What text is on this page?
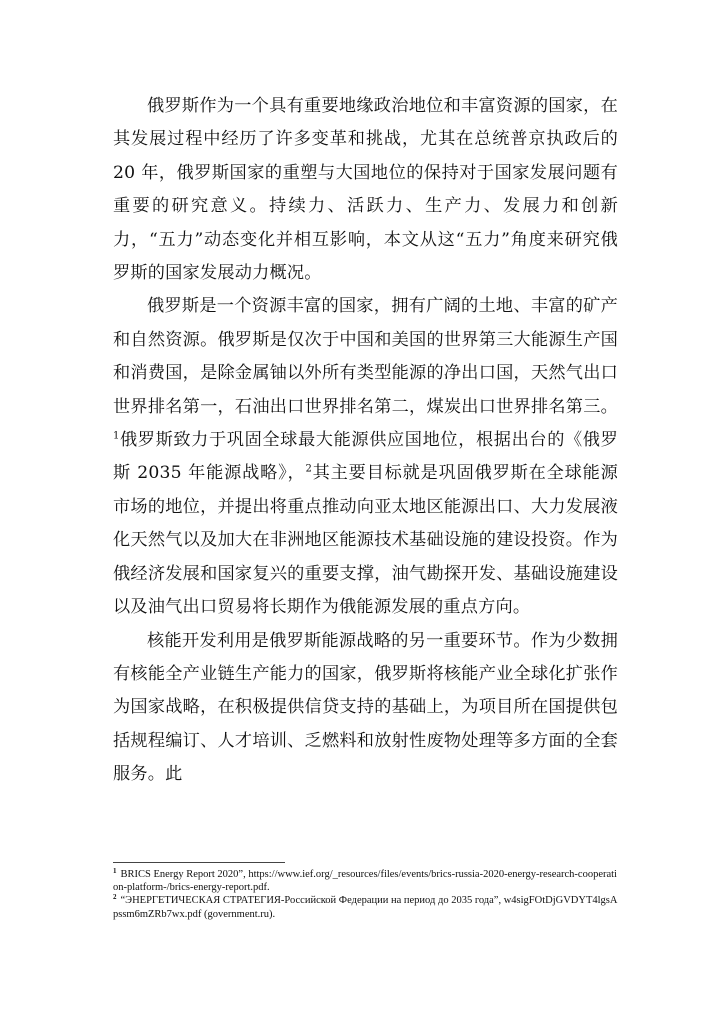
俄罗斯作为一个具有重要地缘政治地位和丰富资源的国家，在其发展过程中经历了许多变革和挑战，尤其在总统普京执政后的 20 年，俄罗斯国家的重塑与大国地位的保持对于国家发展问题有重要的研究意义。持续力、活跃力、生产力、发展力和创新力，“五力”动态变化并相互影响，本文从这“五力”角度来研究俄罗斯的国家发展动力概况。

俄罗斯是一个资源丰富的国家，拥有广阔的土地、丰富的矿产和自然资源。俄罗斯是仅次于中国和美国的世界第三大能源生产国和消费国，是除金属铀以外所有类型能源的净出口国，天然气出口世界排名第一，石油出口世界排名第二，煤炭出口世界排名第三。$^1$俄罗斯致力于巩固全球最大能源供应国地位，根据出台的《俄罗斯 2035 年能源战略》，$^2$其主要目标就是巩固俄罗斯在全球能源市场的地位，并提出将重点推动向亚太地区能源出口、大力发展液化天然气以及加大在非洲地区能源技术基础设施的建设投资。作为俄经济发展和国家复兴的重要支撑，油气勘探开发、基础设施建设以及油气出口贸易将长期作为俄能源发展的重点方向。

核能开发利用是俄罗斯能源战略的另一重要环节。作为少数拥有核能全产业链生产能力的国家，俄罗斯将核能产业全球化扩张作为国家战略，在积极提供信贷支持的基础上，为项目所在国提供包括规程编订、人才培训、乏燃料和放射性废物处理等多方面的全套服务。此

$^1$ BRICS Energy Report 2020”, https://www.ief.org/_resources/files/events/brics-russia-2020-energy-research-cooperation-platform-/brics-energy-report.pdf.

$^2$ “ЭНЕРГЕТИЧЕСКАЯ СТРАТЕГИЯ-Российской Федерации на период до 2035 года”, w4sigFOtDjGVDYT4lgsApssm6mZRb7wx.pdf (government.ru).
